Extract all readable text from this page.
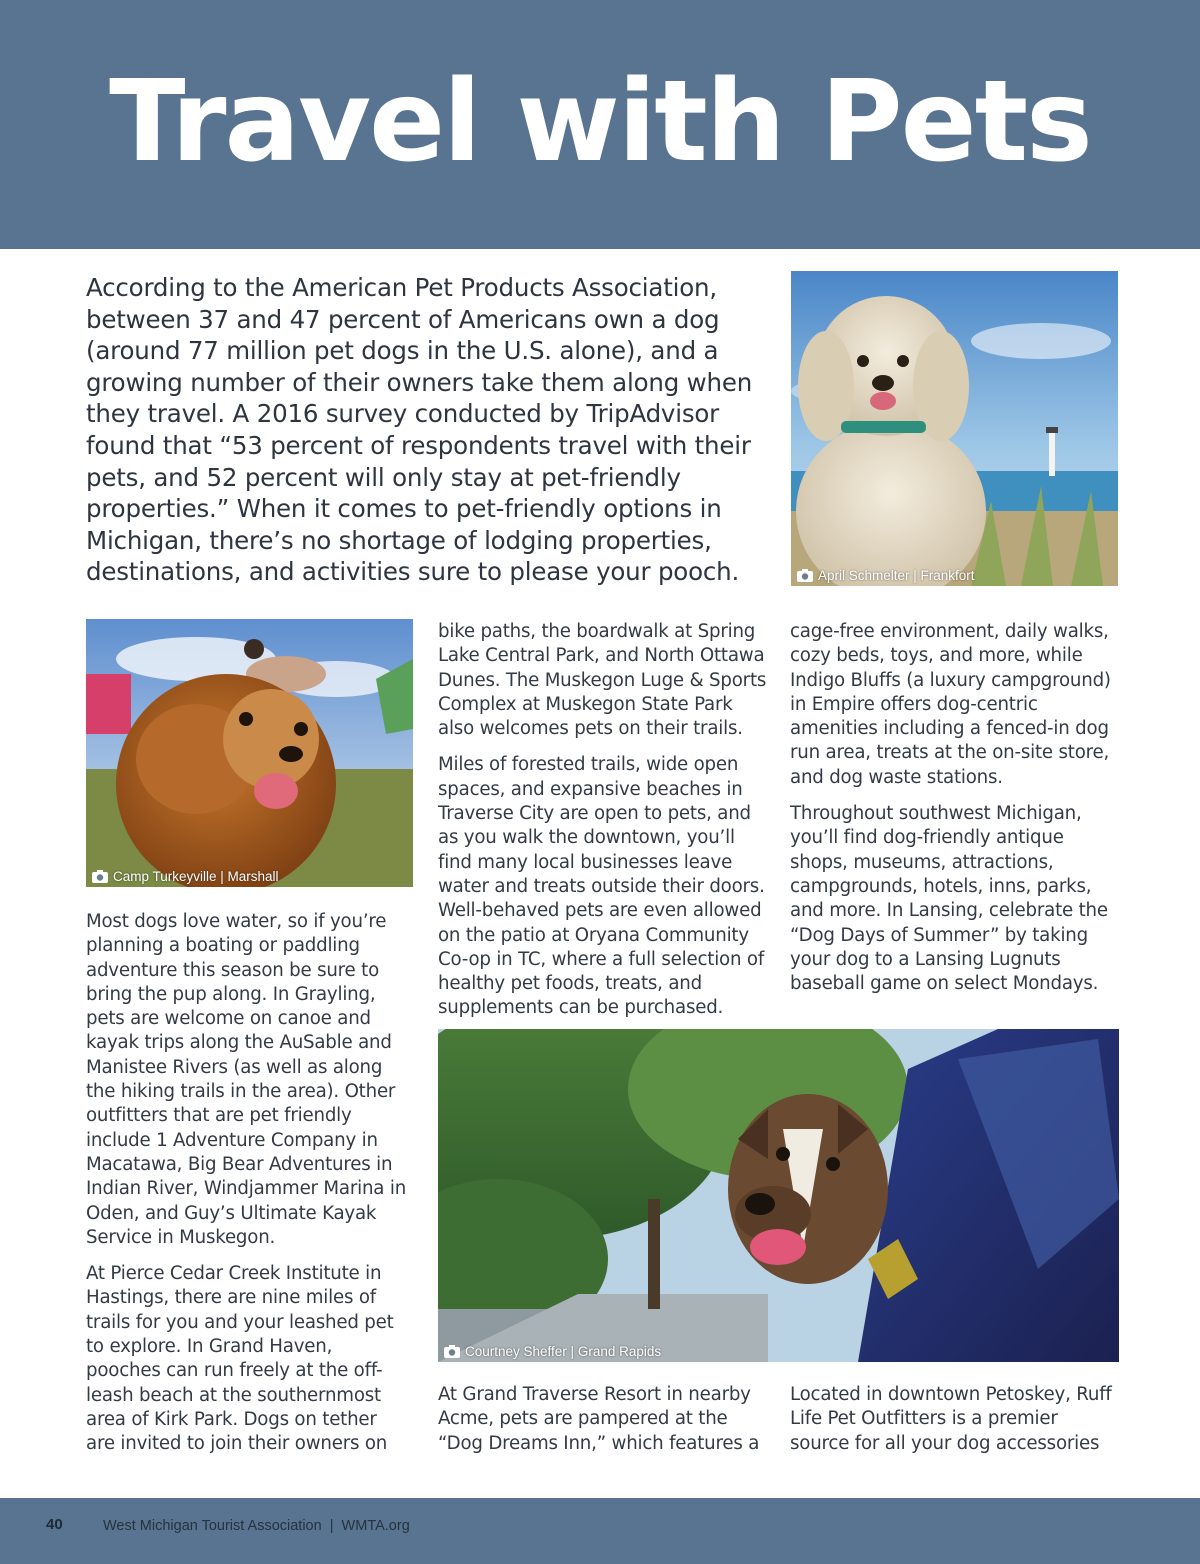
Travel with Pets
According to the American Pet Products Association, between 37 and 47 percent of Americans own a dog (around 77 million pet dogs in the U.S. alone), and a growing number of their owners take them along when they travel. A 2016 survey conducted by TripAdvisor found that “53 percent of respondents travel with their pets, and 52 percent will only stay at pet-friendly properties.” When it comes to pet-friendly options in Michigan, there’s no shortage of lodging properties, destinations, and activities sure to please your pooch.	April Schmelter | Frankfort
Camp Turkeyville | Marshall
Courtney Sheffer | Grand Rapids

Most dogs love water, so if you’re planning a boating or paddling adventure this season be sure to bring the pup along. In Grayling, pets are welcome on canoe and kayak trips along the AuSable and Manistee Rivers (as well as along the hiking trails in the area). Other outfitters that are pet friendly include 1 Adventure Company in Macatawa, Big Bear Adventures in Indian River, Windjammer Marina in Oden, and Guy’s Ultimate Kayak Service in Muskegon.

At Pierce Cedar Creek Institute in Hastings, there are nine miles of trails for you and your leashed pet to explore. In Grand Haven, pooches can run freely at the off-leash beach at the southernmost area of Kirk Park. Dogs on tether are invited to join their owners on

bike paths, the boardwalk at Spring Lake Central Park, and North Ottawa Dunes. The Muskegon Luge & Sports Complex at Muskegon State Park also welcomes pets on their trails.

Miles of forested trails, wide open spaces, and expansive beaches in Traverse City are open to pets, and as you walk the downtown, you’ll find many local businesses leave water and treats outside their doors. Well-behaved pets are even allowed on the patio at Oryana Community Co-op in TC, where a full selection of healthy pet foods, treats, and supplements can be purchased.

cage-free environment, daily walks, cozy beds, toys, and more, while Indigo Bluffs (a luxury campground) in Empire offers dog-centric amenities including a fenced-in dog run area, treats at the on-site store, and dog waste stations.

Throughout southwest Michigan, you’ll find dog-friendly antique shops, museums, attractions, campgrounds, hotels, inns, parks, and more. In Lansing, celebrate the “Dog Days of Summer” by taking your dog to a Lansing Lugnuts baseball game on select Mondays.

At Grand Traverse Resort in nearby Acme, pets are pampered at the “Dog Dreams Inn,” which features a

Located in downtown Petoskey, Ruff Life Pet Outfitters is a premier source for all your dog accessories

40	West Michigan Tourist Association  |  WMTA.org
